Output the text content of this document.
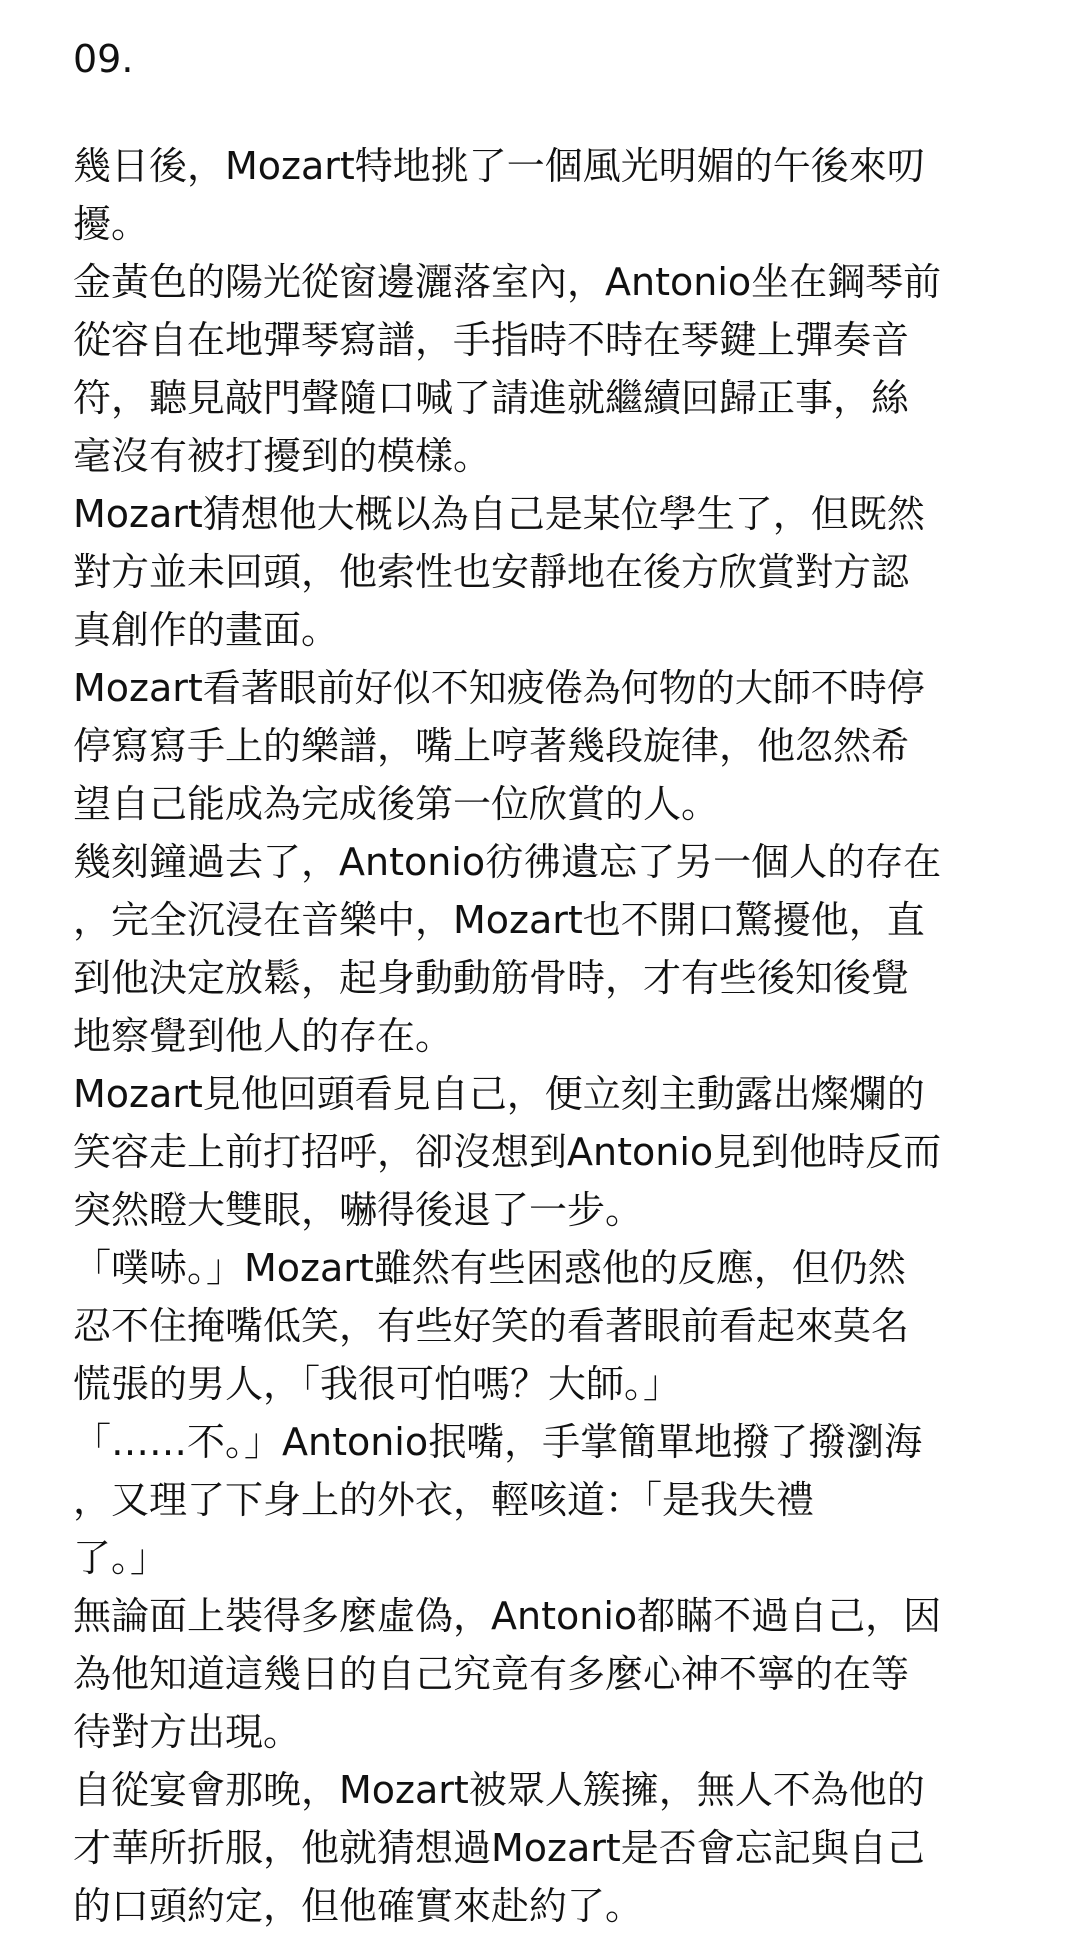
09.
幾日後，Mozart特地挑了一個風光明媚的午後來叨
擾。
金黃色的陽光從窗邊灑落室內，Antonio坐在鋼琴前
從容自在地彈琴寫譜，手指時不時在琴鍵上彈奏音
符，聽見敲門聲隨口喊了請進就繼續回歸正事，絲
毫沒有被打擾到的模樣。
Mozart猜想他大概以為自己是某位學生了，但既然
對方並未回頭，他索性也安靜地在後方欣賞對方認
真創作的畫面。
Mozart看著眼前好似不知疲倦為何物的大師不時停
停寫寫手上的樂譜，嘴上哼著幾段旋律，他忽然希
望自己能成為完成後第一位欣賞的人。
幾刻鐘過去了，Antonio彷彿遺忘了另一個人的存在
，完全沉浸在音樂中，Mozart也不開口驚擾他，直
到他決定放鬆，起身動動筋骨時，才有些後知後覺
地察覺到他人的存在。
Mozart見他回頭看見自己，便立刻主動露出燦爛的
笑容走上前打招呼，卻沒想到Antonio見到他時反而
突然瞪大雙眼，嚇得後退了一步。
「噗哧。」Mozart雖然有些困惑他的反應，但仍然
忍不住掩嘴低笑，有些好笑的看著眼前看起來莫名
慌張的男人，「我很可怕嗎？大師。」
「……不。」Antonio抿嘴，手掌簡單地撥了撥瀏海
，又理了下身上的外衣，輕咳道：「是我失禮
了。」
無論面上裝得多麼虛偽，Antonio都瞞不過自己，因
為他知道這幾日的自己究竟有多麼心神不寧的在等
待對方出現。
自從宴會那晚，Mozart被眾人簇擁，無人不為他的
才華所折服，他就猜想過Mozart是否會忘記與自己
的口頭約定，但他確實來赴約了。
